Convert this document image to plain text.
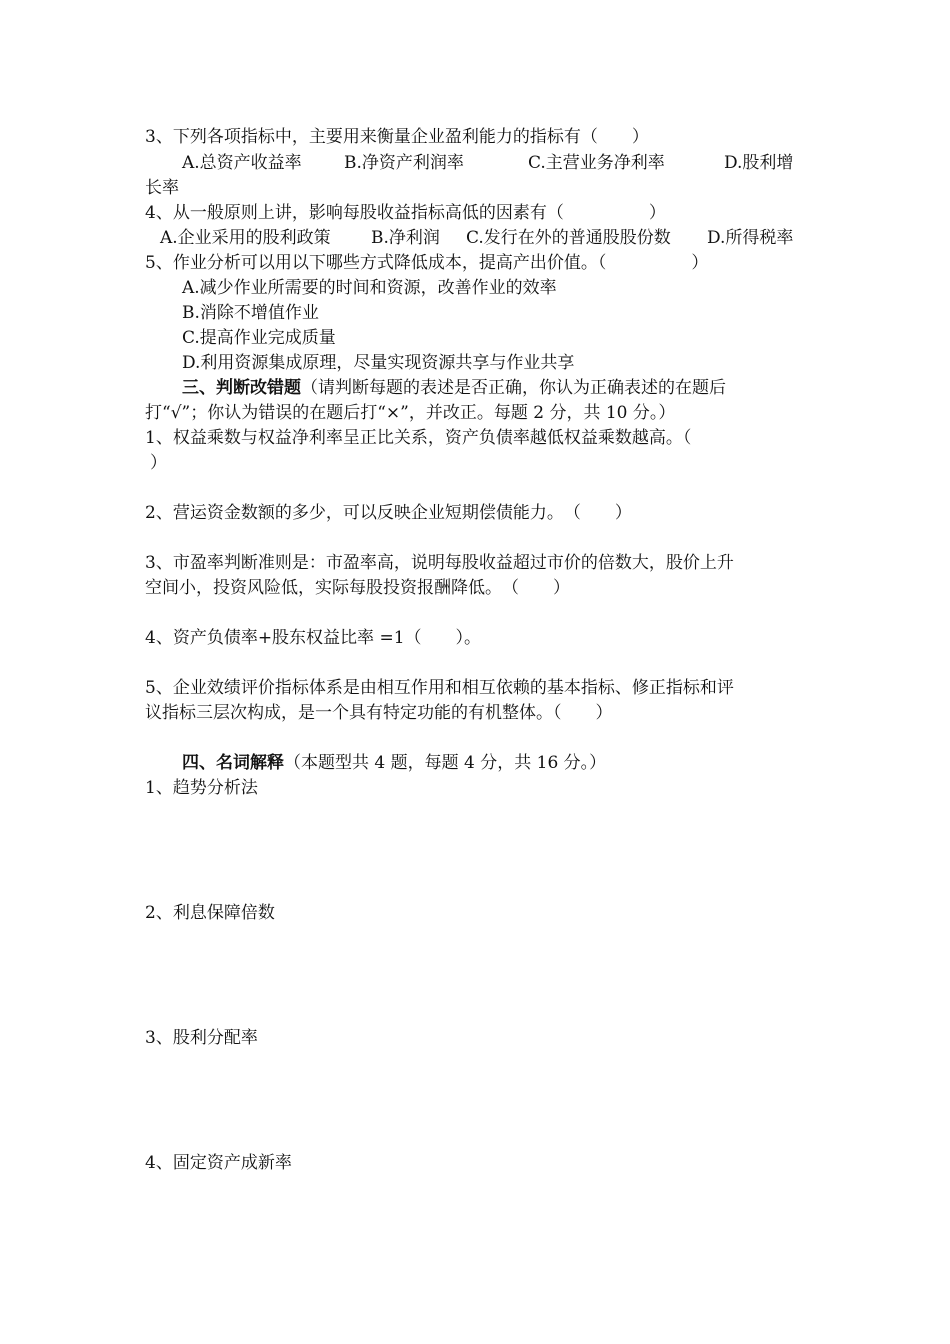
3、下列各项指标中，主要用来衡量企业盈利能力的指标有（　　）
A.总资产收益率 B.净资产利润率	C.主营业务净利率	D.股利增
长率
4、从一般原则上讲，影响每股收益指标高低的因素有（　　　　　）
A.企业采用的股利政策 B.净利润 C.发行在外的普通股股份数 D.所得税率
5、作业分析可以用以下哪些方式降低成本，提高产出价值。（　　　　　）
A.减少作业所需要的时间和资源，改善作业的效率
B.消除不增值作业
C.提高作业完成质量
D.利用资源集成原理，尽量实现资源共享与作业共享
三、判断改错题（请判断每题的表述是否正确，你认为正确表述的在题后
打“√”；你认为错误的在题后打“×”，并改正。每题 2 分，共 10 分。）
1、权益乘数与权益净利率呈正比关系，资产负债率越低权益乘数越高。（
）
2、营运资金数额的多少，可以反映企业短期偿债能力。　（　　）
3、市盈率判断准则是：市盈率高，说明每股收益超过市价的倍数大，股价上升
空间小，投资风险低，实际每股投资报酬降低。　（　　）
4、资产负债率+股东权益比率 =1（　　）。
5、企业效绩评价指标体系是由相互作用和相互依赖的基本指标、修正指标和评
议指标三层次构成，是一个具有特定功能的有机整体。（　　）
四、名词解释（本题型共 4 题，每题 4 分，共 16 分。）
1、趋势分析法
2、利息保障倍数
3、股利分配率
4、固定资产成新率
